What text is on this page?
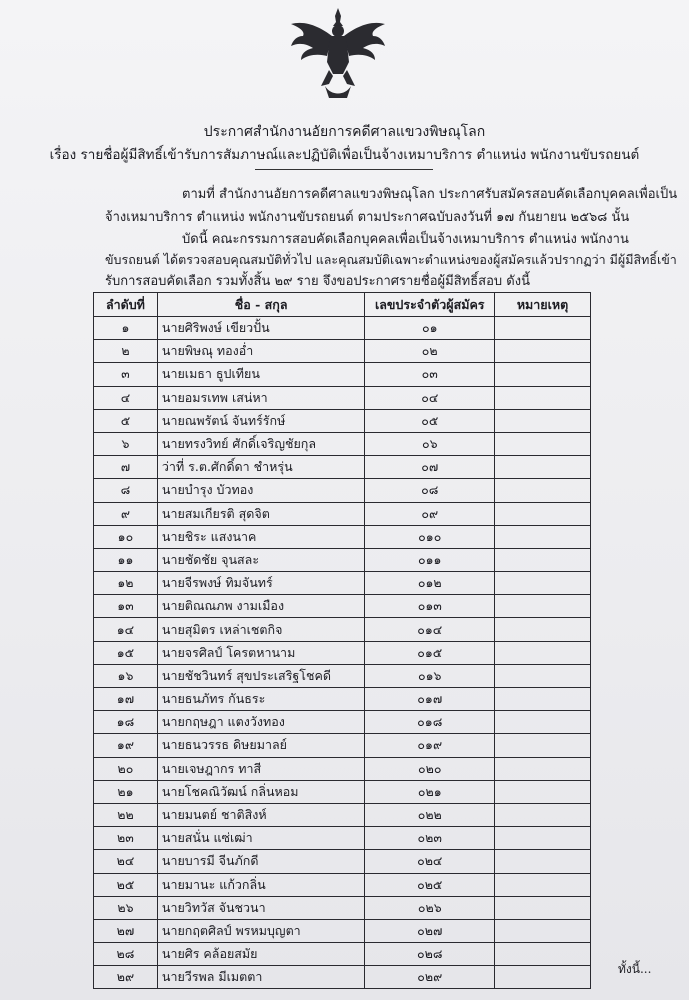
ประกาศสำนักงานอัยการคดีศาลแขวงพิษณุโลก
เรื่อง รายชื่อผู้มีสิทธิ์เข้ารับการสัมภาษณ์และปฏิบัติเพื่อเป็นจ้างเหมาบริการ ตำแหน่ง พนักงานขับรถยนต์
ตามที่ สำนักงานอัยการคดีศาลแขวงพิษณุโลก ประกาศรับสมัครสอบคัดเลือกบุคคลเพื่อเป็น
จ้างเหมาบริการ ตำแหน่ง พนักงานขับรถยนต์ ตามประกาศฉบับลงวันที่ ๑๗ กันยายน ๒๕๖๘ นั้น
บัดนี้ คณะกรรมการสอบคัดเลือกบุคคลเพื่อเป็นจ้างเหมาบริการ ตำแหน่ง พนักงาน
ขับรถยนต์ ได้ตรวจสอบคุณสมบัติทั่วไป และคุณสมบัติเฉพาะตำแหน่งของผู้สมัครแล้วปรากฏว่า มีผู้มีสิทธิ์เข้า
ลำดับที่	ชื่อ - สกุล	เลขประจำตัวผู้สมัคร	หมายเหตุ
๑	นายศิริพงษ์ เขียวปั้น	๐๑	
๒	นายพิษณุ ทองอ่ำ	๐๒	
๓	นายเมธา ธูปเทียน	๐๓	
๔	นายอมรเทพ เสน่หา	๐๔	
๕	นายณพรัตน์ จันทร์รักษ์	๐๕	
๖	นายทรงวิทย์ ศักดิ์เจริญชัยกุล	๐๖	
๗	ว่าที่ ร.ต.ศักดิ์ดา ชำหรุ่น	๐๗	
๘	นายบำรุง บัวทอง	๐๘	
๙	นายสมเกียรติ สุดจิต	๐๙	
๑๐	นายชิระ แสงนาค	๐๑๐	
๑๑	นายชัดชัย จุนสละ	๐๑๑	
๑๒	นายจีรพงษ์ ทิมจันทร์	๐๑๒	
๑๓	นายติณณภพ งามเมือง	๐๑๓	
๑๔	นายสุมิตร เหล่าเชตกิจ	๐๑๔	
๑๕	นายจรศิลป์ โครตหานาม	๐๑๕	
๑๖	นายชัชวินทร์ สุขประเสริฐโชคดี	๐๑๖	
๑๗	นายธนภัทร กันธระ	๐๑๗	
๑๘	นายกฤษฎา แตงวังทอง	๐๑๘	
๑๙	นายธนวรรธ ดิษยมาลย์	๐๑๙	
๒๐	นายเจษฎากร ทาสี	๐๒๐	
๒๑	นายโชคณิวัฒน์ กลิ่นหอม	๐๒๑	
๒๒	นายมนตย์ ชาติสิงห์	๐๒๒	
๒๓	นายสนั่น แซ่เฒ่า	๐๒๓	
๒๔	นายบารมี จีนภักดี	๐๒๔	
๒๕	นายมานะ แก้วกลิ่น	๐๒๕	
๒๖	นายวิทวัส จันชวนา	๐๒๖	
๒๗	นายกฤตศิลป์ พรหมบุญตา	๐๒๗	
๒๘	นายศิร คล้อยสมัย	๐๒๘	
๒๙	นายวีรพล มีเมตตา	๐๒๙	
ทั้งนี้...
รับการสอบคัดเลือก รวมทั้งสิ้น ๒๙ ราย จึงขอประกาศรายชื่อผู้มีสิทธิ์สอบ ดังนี้
